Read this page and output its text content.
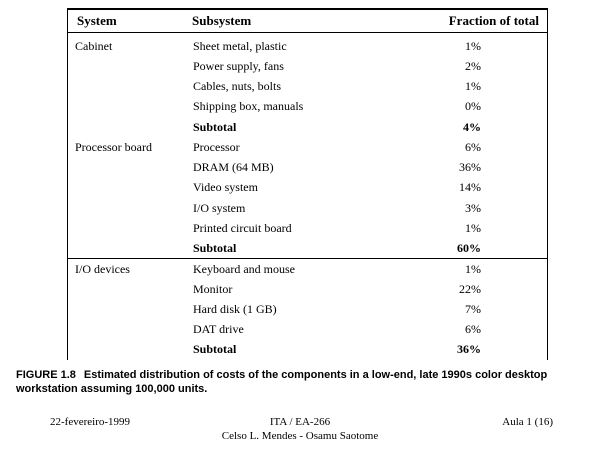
System	Subsystem	Fraction of total
Cabinet	Sheet metal, plastic	1%
Power supply, fans	2%
Cables, nuts, bolts	1%
Shipping box, manuals	0%
Subtotal	4%
Processor board	Processor	6%
DRAM (64 MB)	36%
Video system	14%
I/O system	3%
Printed circuit board	1%
Subtotal	60%
I/O devices	Keyboard and mouse	1%
Monitor	22%
Hard disk (1 GB)	7%
DAT drive	6%
Subtotal	36%
FIGURE 1.8 Estimated distribution of costs of the components in a low-end, late 1990s color desktop workstation assuming 100,000 units.
22-fevereiro-1999	ITA / EA-266
Celso L. Mendes - Osamu Saotome
Aula 1 (16)
